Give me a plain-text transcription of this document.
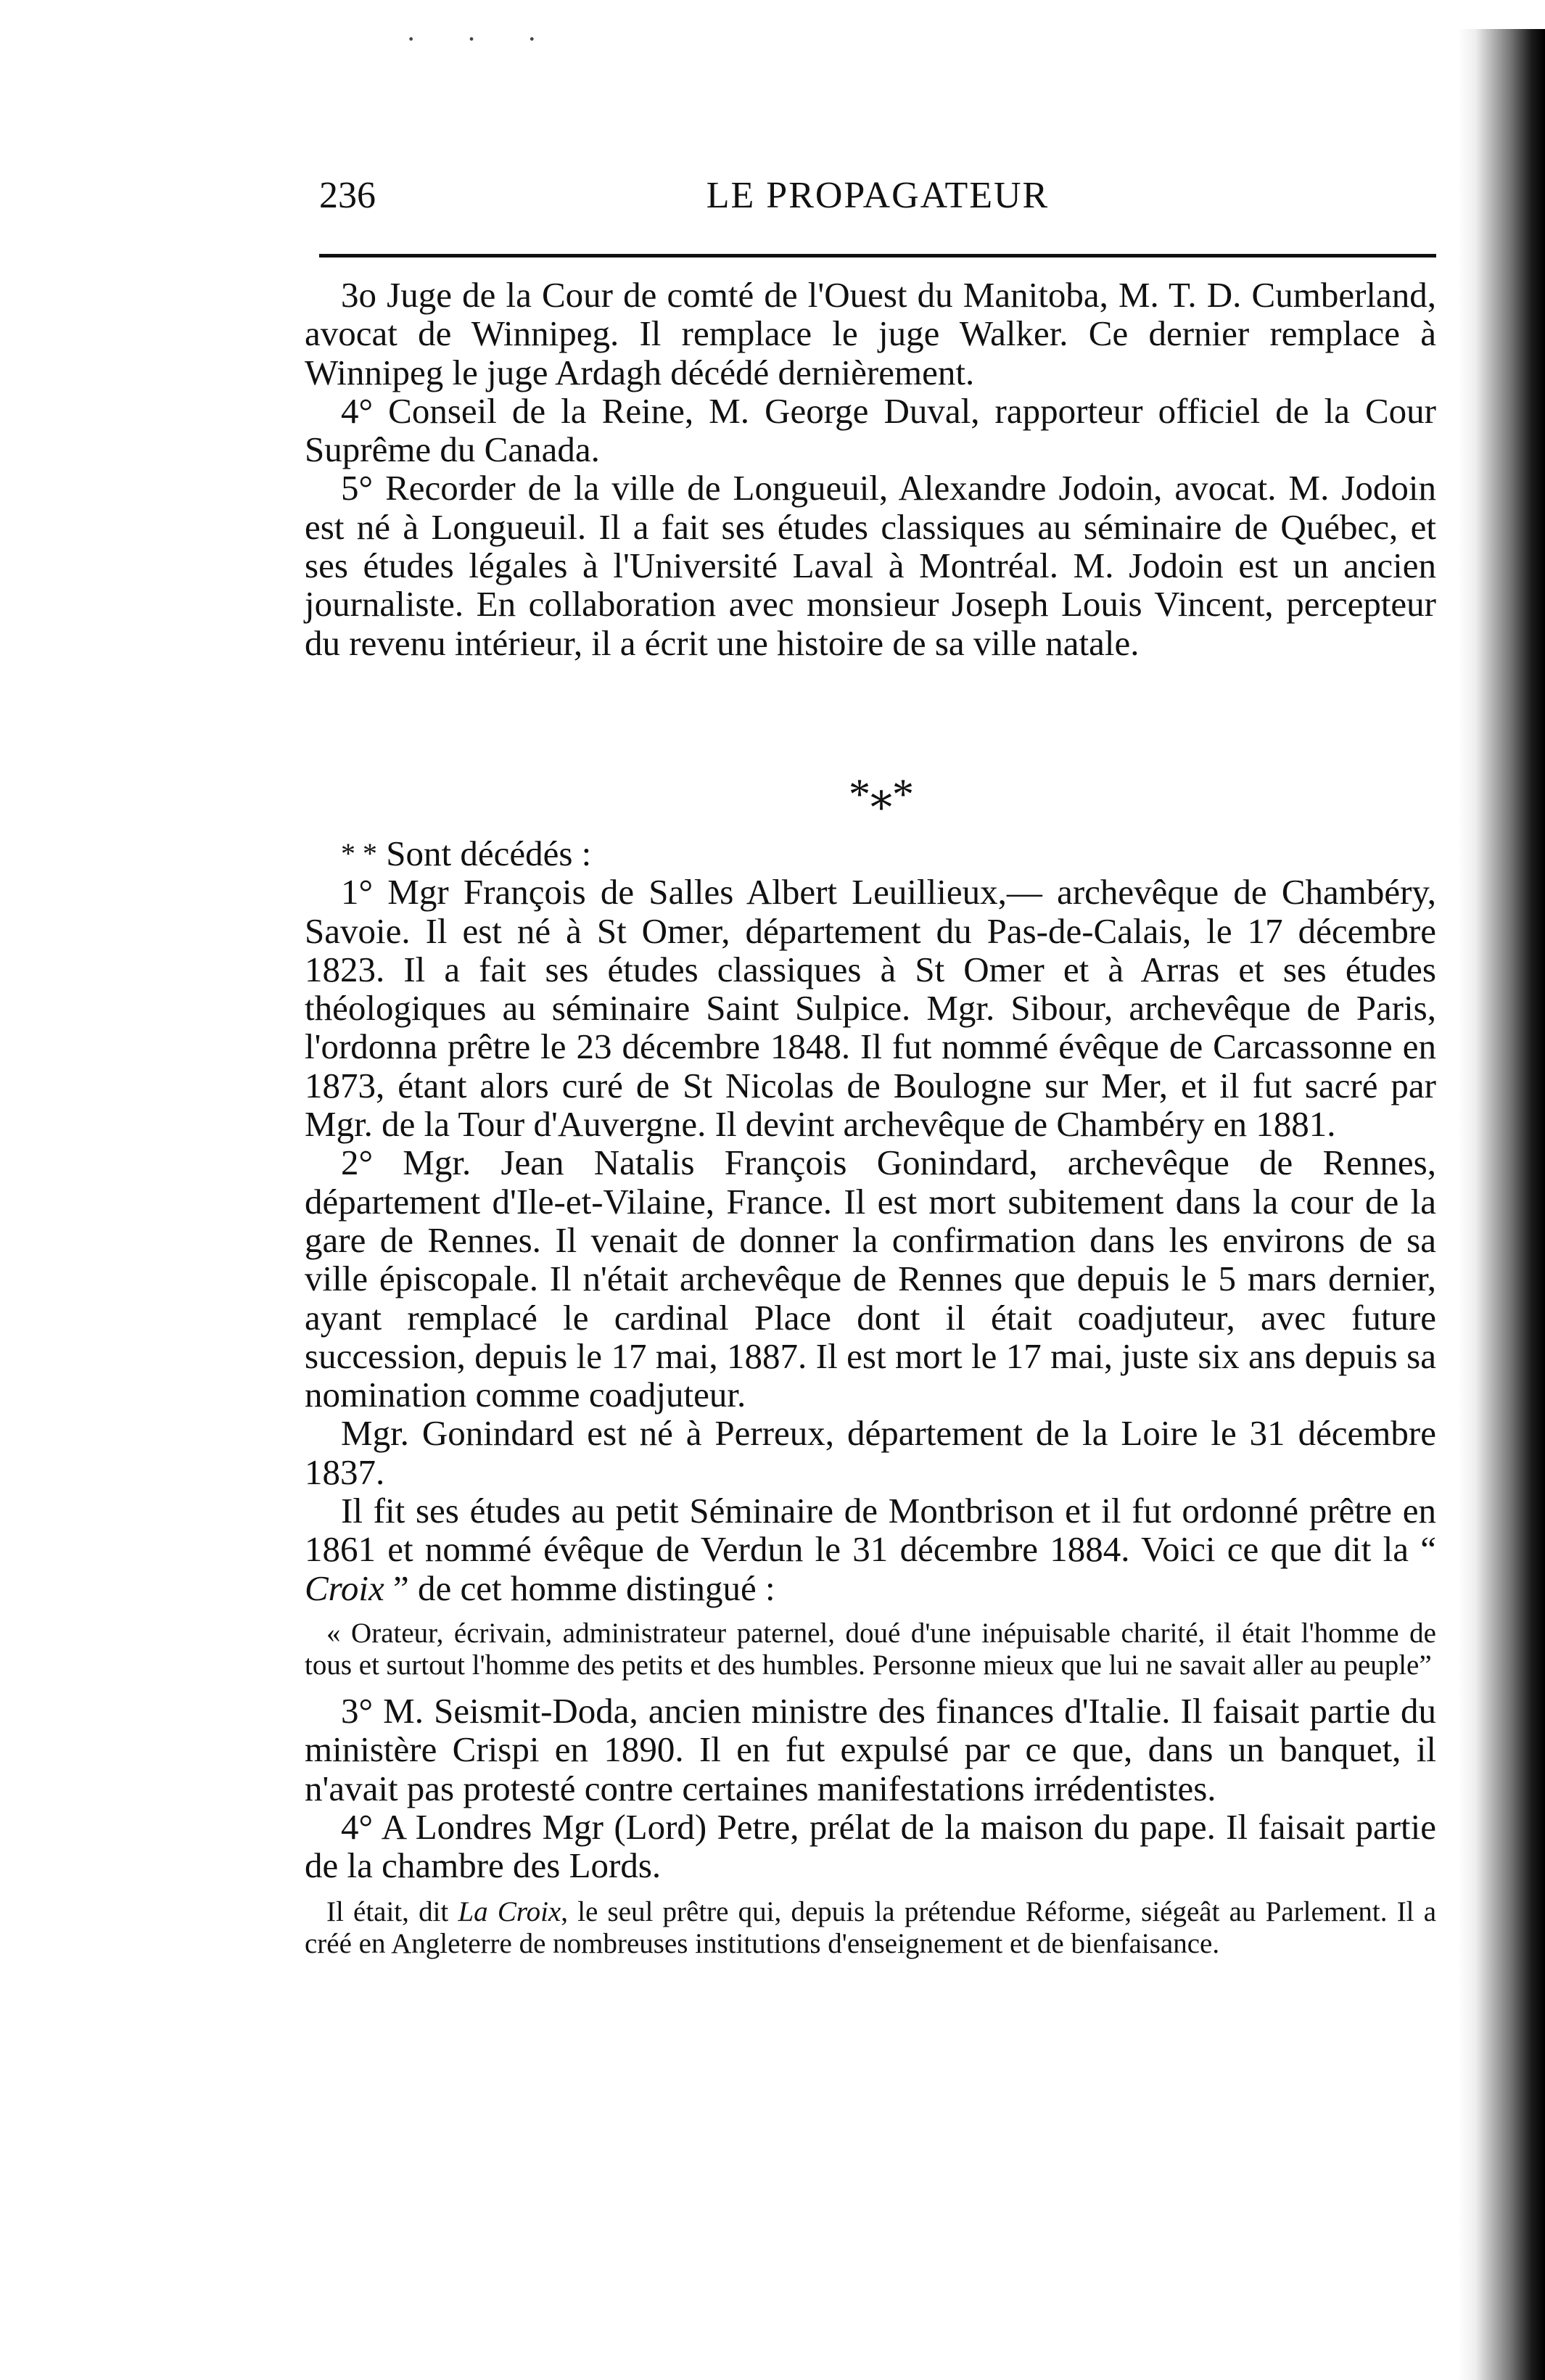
· · ·
236	LE PROPAGATEUR

3o Juge de la Cour de comté de l'Ouest du Manitoba, M. T. D. Cumberland, avocat de Winnipeg. Il remplace le juge Walker. Ce dernier remplace à Winnipeg le juge Ardagh décédé dernièrement.

4° Conseil de la Reine, M. George Duval, rapporteur officiel de la Cour Suprême du Canada.

5° Recorder de la ville de Longueuil, Alexandre Jodoin, avocat. M. Jodoin est né à Longueuil. Il a fait ses études classiques au séminaire de Québec, et ses études légales à l'Université Laval à Montréal. M. Jodoin est un ancien journaliste. En collaboration avec monsieur Joseph Louis Vincent, percepteur du revenu intérieur, il a écrit une histoire de sa ville natale.

*⁎*

* * Sont décédés :

1° Mgr François de Salles Albert Leuillieux,— archevêque de Chambéry, Savoie. Il est né à St Omer, département du Pas-de-Calais, le 17 décembre 1823. Il a fait ses études classiques à St Omer et à Arras et ses études théologiques au séminaire Saint Sulpice. Mgr. Sibour, archevêque de Paris, l'ordonna prêtre le 23 décembre 1848. Il fut nommé évêque de Carcassonne en 1873, étant alors curé de St Nicolas de Boulogne sur Mer, et il fut sacré par Mgr. de la Tour d'Auvergne. Il devint archevêque de Chambéry en 1881.

2° Mgr. Jean Natalis François Gonindard, archevêque de Rennes, département d'Ile-et-Vilaine, France. Il est mort subitement dans la cour de la gare de Rennes. Il venait de donner la confirmation dans les environs de sa ville épiscopale. Il n'était archevêque de Rennes que depuis le 5 mars dernier, ayant remplacé le cardinal Place dont il était coadjuteur, avec future succession, depuis le 17 mai, 1887. Il est mort le 17 mai, juste six ans depuis sa nomination comme coadjuteur.

Mgr. Gonindard est né à Perreux, département de la Loire le 31 décembre 1837.

Il fit ses études au petit Séminaire de Montbrison et il fut ordonné prêtre en 1861 et nommé évêque de Verdun le 31 décembre 1884. Voici ce que dit la “ Croix ” de cet homme distingué :

« Orateur, écrivain, administrateur paternel, doué d'une inépuisable charité, il était l'homme de tous et surtout l'homme des petits et des humbles. Personne mieux que lui ne savait aller au peuple”

3° M. Seismit-Doda, ancien ministre des finances d'Italie. Il faisait partie du ministère Crispi en 1890. Il en fut expulsé par ce que, dans un banquet, il n'avait pas protesté contre certaines manifestations irrédentistes.

4° A Londres Mgr (Lord) Petre, prélat de la maison du pape. Il faisait partie de la chambre des Lords.

Il était, dit La Croix, le seul prêtre qui, depuis la prétendue Réforme, siégeât au Parlement. Il a créé en Angleterre de nombreuses institutions d'enseignement et de bienfaisance.
